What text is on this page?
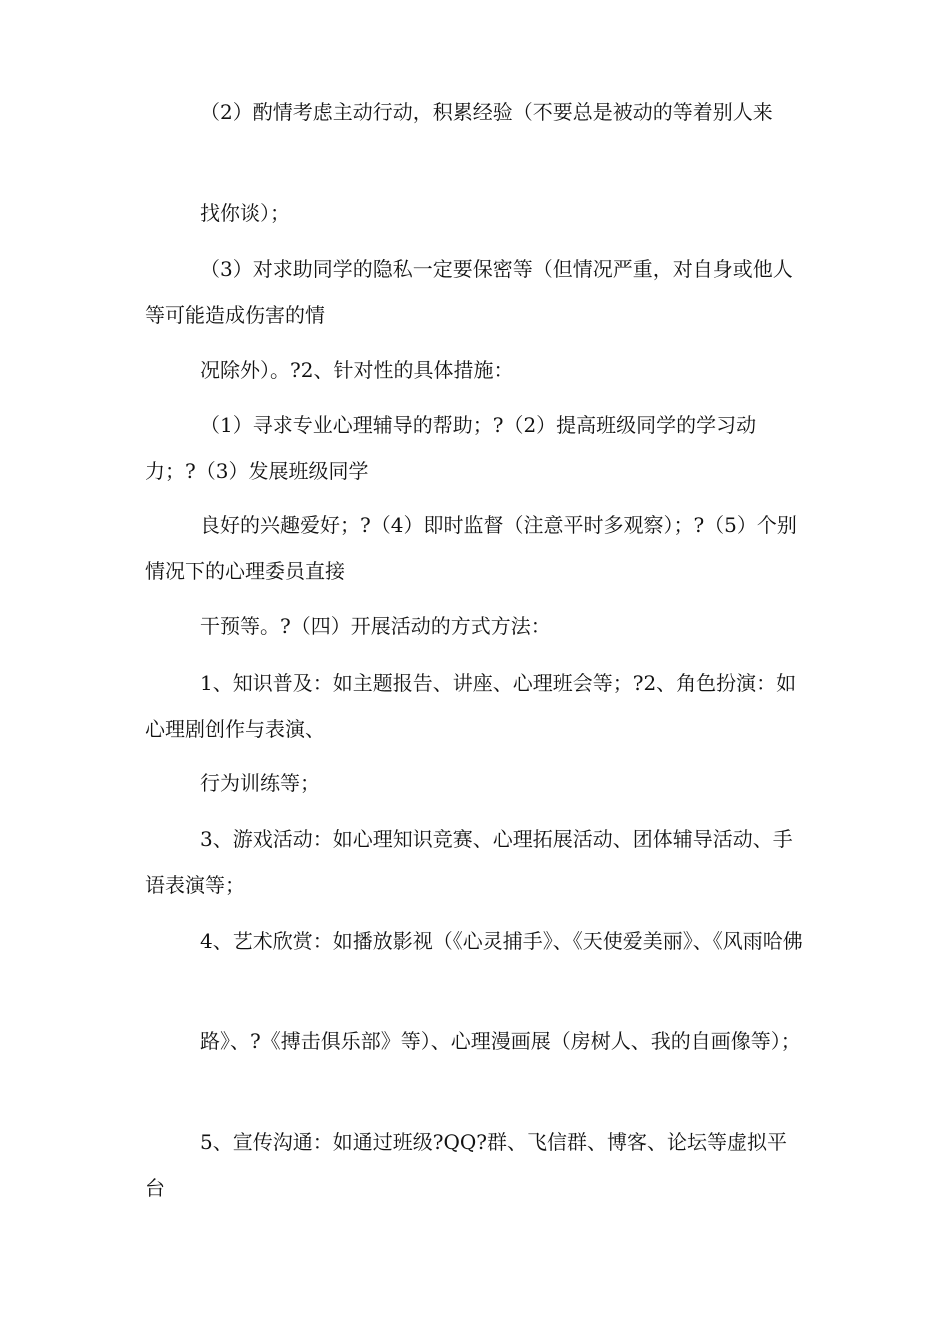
（2）酌情考虑主动行动，积累经验（不要总是被动的等着别人来

找你谈）；

（3）对求助同学的隐私一定要保密等（但情况严重，对自身或他人等可能造成伤害的情

况除外）。?2、针对性的具体措施：

（1）寻求专业心理辅导的帮助；?（2）提高班级同学的学习动力；?（3）发展班级同学

良好的兴趣爱好；?（4）即时监督（注意平时多观察）；?（5）个别情况下的心理委员直接

干预等。?（四）开展活动的方式方法：

1、知识普及：如主题报告、讲座、心理班会等；?2、角色扮演：如心理剧创作与表演、

行为训练等；

3、游戏活动：如心理知识竞赛、心理拓展活动、团体辅导活动、手语表演等；

4、艺术欣赏：如播放影视（《心灵捕手》、《天使爱美丽》、《风雨哈佛

路》、?《搏击俱乐部》等）、心理漫画展（房树人、我的自画像等）；

5、宣传沟通：如通过班级?QQ?群、飞信群、博客、论坛等虚拟平台
